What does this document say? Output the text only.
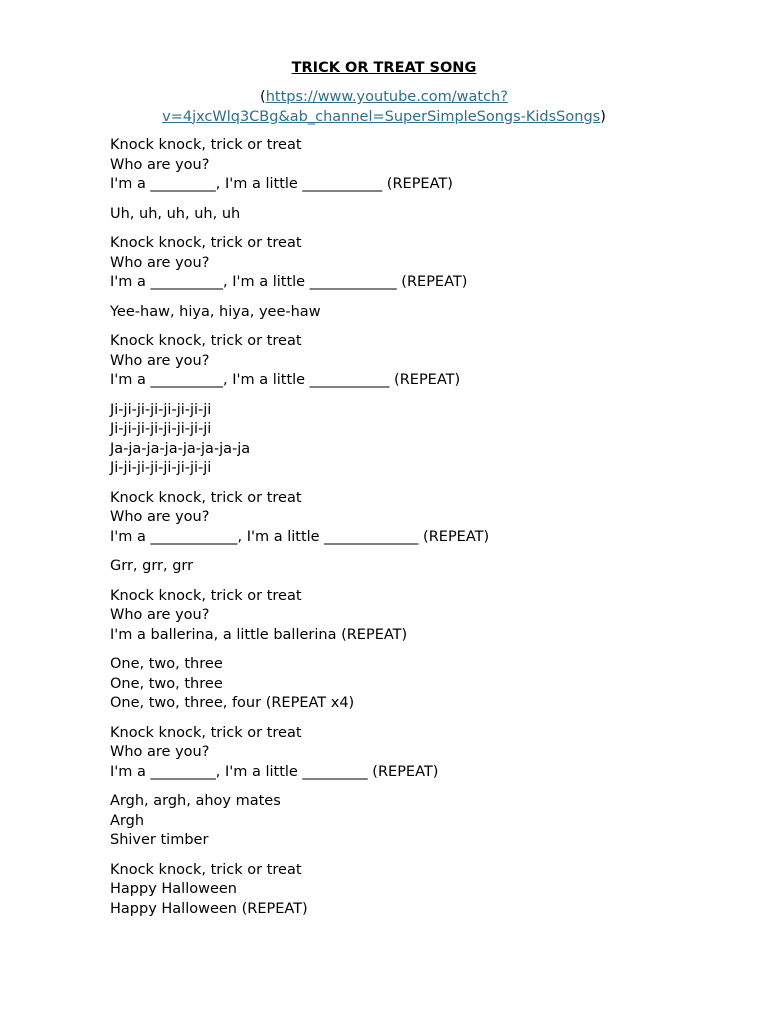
TRICK OR TREAT SONG

(https://www.youtube.com/watch?
v=4jxcWlq3CBg&ab_channel=SuperSimpleSongs-KidsSongs)

Knock knock, trick or treat
Who are you?
I'm a _________, I'm a little ___________ (REPEAT)
Uh, uh, uh, uh, uh
Knock knock, trick or treat
Who are you?
I'm a __________, I'm a little ____________ (REPEAT)
Yee-haw, hiya, hiya, yee-haw
Knock knock, trick or treat
Who are you?
I'm a __________, I'm a little ___________ (REPEAT)
Ji-ji-ji-ji-ji-ji-ji-ji
Ji-ji-ji-ji-ji-ji-ji-ji
Ja-ja-ja-ja-ja-ja-ja-ja
Ji-ji-ji-ji-ji-ji-ji-ji
Knock knock, trick or treat
Who are you?
I'm a ____________, I'm a little _____________ (REPEAT)
Grr, grr, grr
Knock knock, trick or treat
Who are you?
I'm a ballerina, a little ballerina (REPEAT)
One, two, three
One, two, three
One, two, three, four (REPEAT x4)
Knock knock, trick or treat
Who are you?
I'm a _________, I'm a little _________ (REPEAT)
Argh, argh, ahoy mates
Argh
Shiver timber
Knock knock, trick or treat
Happy Halloween
Happy Halloween (REPEAT)
